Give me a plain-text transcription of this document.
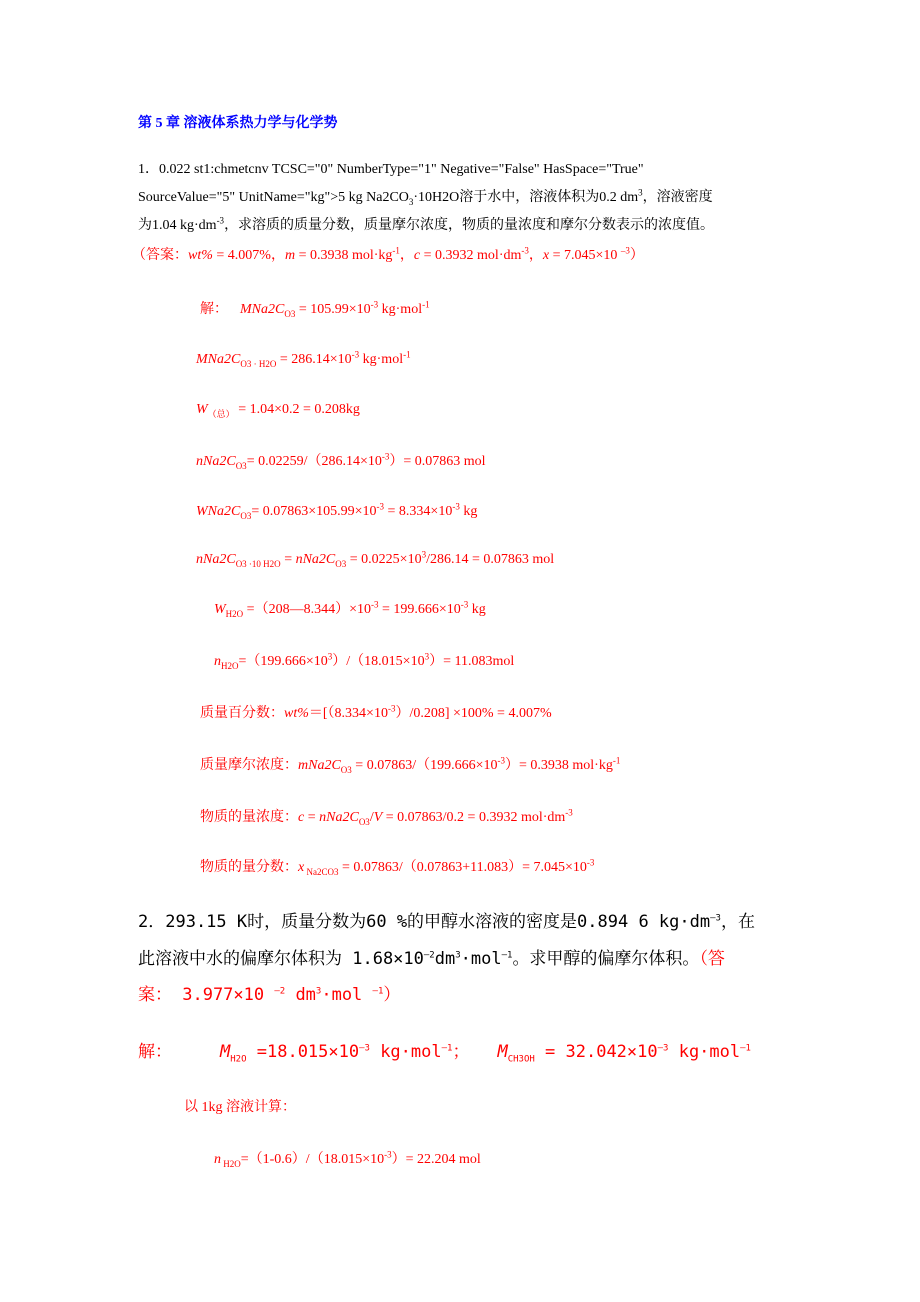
第 5 章 溶液体系热力学与化学势
1．0.022 st1:chmetcnv TCSC="0" NumberType="1" Negative="False" HasSpace="True"
SourceValue="5" UnitName="kg">5 kg $Na2CO_3\cdot 10H2O$溶于水中，溶液体积为0.2 $dm^3$，溶液密度
为1.04 $kg\cdot dm^{-3}$，求溶质的质量分数，质量摩尔浓度，物质的量浓度和摩尔分数表示的浓度值。
（答案：wt% = 4.007%，m = 0.3938 $mol\cdot kg^{-1}$，c = 0.3932 $mol\cdot dm^{-3}$，x = 7.045×10 $^{-3}$）
解： $MNa2C_{O3} = 105.99\times 10^{-3}$ kg·mol$^{-1}$
$MNa2C_{O3 \cdot H2O} = 286.14\times 10^{-3}$ kg·mol$^{-1}$
$W_{(总)} = 1.04\times 0.2 = 0.208kg$
$nNa2C_{O3}= 0.02259/(286.14\times 10^{-3})= 0.07863$ mol
$WNa2C_{O3}= 0.07863\times 105.99\times 10^{-3} = 8.334\times 10^{-3}$ kg
$nNa2C_{O3 \cdot 10 H2O} = nNa2C_{O3} = 0.0225\times 10^3/286.14 = 0.07863$ mol
$W_{H2O}$ $=(208—8.344)\times 10^{-3} = 199.666\times 10^{-3}$ kg
$n_{H2O}=(199.666\times 10^3)/(18.015\times 10^3)= 11.083mol$
质量百分数：$wt\%=[(8.334\times 10^{-3})/0.208] \times 100\% = 4.007\%$
质量摩尔浓度：$mNa2C_{O3} = 0.07863/(199.666\times 10^{-3})= 0.3938$ $mol\cdot kg^{-1}$
物质的量浓度：$c = nNa2C_{O3}/V = 0.07863/0.2 = 0.3932$ $mol\cdot dm^{-3}$
物质的量分数：x $_{Na2CO3} = 0.07863/(0.07863+11.083)= 7.045\times 10^{-3}$
2．293.15 K时，质量分数为60 %的甲醇水溶液的密度是0.894 6 $kg\cdot dm^{-3}$，在
此溶液中水的偏摩尔体积为 $1.68\times 10^{-2}dm^3\cdot mol^{-1}$。求甲醇的偏摩尔体积。（答
案： 3.977×10 $^{-2}$ $dm^3\cdot mol$ $^{-1}$）
解：	$M_{H2O} =18.015\times 10^{-3}$ kg·mol$^{-1}$； $M_{CH3OH} = 32.042\times 10^{-3}$ kg·mol$^{-1}$
以 1kg 溶液计算：
n $_{H2O}=(1-0.6)/(18.015\times 10^{-3})= 22.204$ mol
